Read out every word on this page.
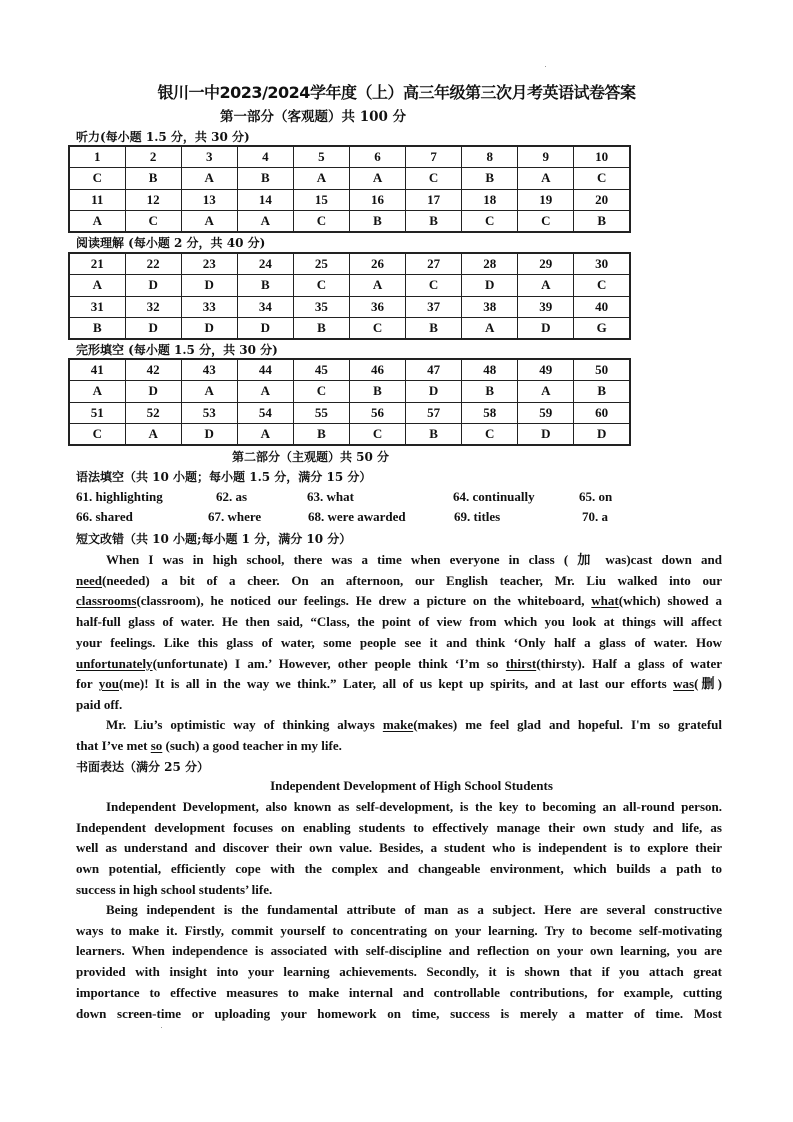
银川一中2023/2024学年度（上）高三年级第三次月考英语试卷答案
第一部分（客观题）共 100 分
听力(每小题 1.5 分，共 30 分)
1	2	3	4	5	6	7	8	9	10
C	B	A	B	A	A	C	B	A	C
11	12	13	14	15	16	17	18	19	20
A	C	A	A	C	B	B	C	C	B
阅读理解 (每小题 2 分，共 40 分)
21	22	23	24	25	26	27	28	29	30
A	D	D	B	C	A	C	D	A	C
31	32	33	34	35	36	37	38	39	40
B	D	D	D	B	C	B	A	D	G
完形填空 (每小题 1.5 分，共 30 分)
41	42	43	44	45	46	47	48	49	50
A	D	A	A	C	B	D	B	A	B
51	52	53	54	55	56	57	58	59	60
C	A	D	A	B	C	B	C	D	D
第二部分（主观题）共 50 分
语法填空（共 10 小题；每小题 1.5 分，满分 15 分）
61. highlighting	62. as	63. what	64. continually	65. on
66. shared	67. where	68. were awarded	69. titles	70. a
短文改错（共 10 小题;每小题 1 分，满分 10 分）
When I was in high school, there was a time when everyone in class ( 加 was)cast down and
need(needed) a bit of a cheer. On an afternoon, our English teacher, Mr. Liu walked into our
classrooms(classroom), he noticed our feelings. He drew a picture on the whiteboard, what(which) showed a
half-full glass of water. He then said, “Class, the point of view from which you look at things will affect
your feelings. Like this glass of water, some people see it and think ‘Only half a glass of water. How
unfortunately(unfortunate) I am.’ However, other people think ‘I’m so thirst(thirsty). Half a glass of water
for you(me)! It is all in the way we think.” Later, all of us kept up spirits, and at last our efforts was(删)
paid off.
Mr. Liu’s optimistic way of thinking always make(makes) me feel glad and hopeful. I'm so grateful
that I’ve met so (such) a good teacher in my life.
书面表达（满分 25 分）
Independent Development of High School Students
Independent Development, also known as self-development, is the key to becoming an all-round person.
Independent development focuses on enabling students to effectively manage their own study and life, as
well as understand and discover their own value. Besides, a student who is independent is to explore their
own potential, efficiently cope with the complex and changeable environment, which builds a path to
success in high school students’ life.
Being independent is the fundamental attribute of man as a subject. Here are several constructive
ways to make it. Firstly, commit yourself to concentrating on your learning. Try to become self-motivating
learners. When independence is associated with self-discipline and reflection on your own learning, you are
provided with insight into your learning achievements. Secondly, it is shown that if you attach great
importance to effective measures to make internal and controllable contributions, for example, cutting
down screen-time or uploading your homework on time, success is merely a matter of time. Most
